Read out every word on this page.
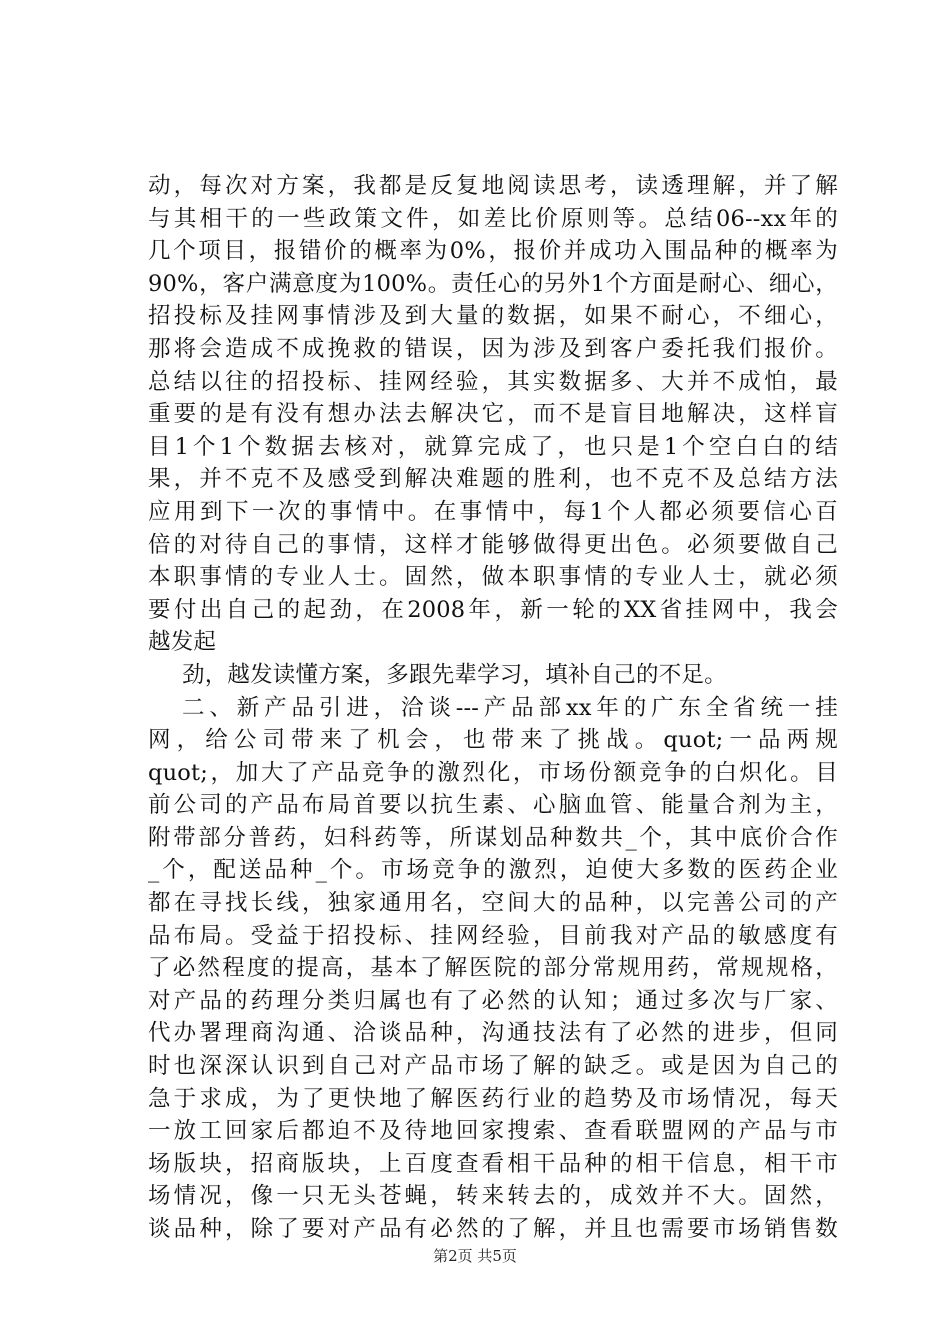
动，每次对方案，我都是反复地阅读思考，读透理解，并了解
与其相干的一些政策文件，如差比价原则等。总结06--xx年的
几个项目，报错价的概率为0%，报价并成功入围品种的概率为
90%，客户满意度为100%。责任心的另外1个方面是耐心、细心，
招投标及挂网事情涉及到大量的数据，如果不耐心，不细心，
那将会造成不成挽救的错误，因为涉及到客户委托我们报价。
总结以往的招投标、挂网经验，其实数据多、大并不成怕，最
重要的是有没有想办法去解决它，而不是盲目地解决，这样盲
目1个1个数据去核对，就算完成了，也只是1个空白白的结
果，并不克不及感受到解决难题的胜利，也不克不及总结方法
应用到下一次的事情中。在事情中，每1个人都必须要信心百
倍的对待自己的事情，这样才能够做得更出色。必须要做自己
本职事情的专业人士。固然，做本职事情的专业人士，就必须
要付出自己的起劲，在2008年，新一轮的XX省挂网中，我会
越发起
劲，越发读懂方案，多跟先辈学习，填补自己的不足。
二、新产品引进，洽谈---产品部xx年的广东全省统一挂
网，给公司带来了机会，也带来了挑战。quot;一品两规
quot;，加大了产品竞争的激烈化，市场份额竞争的白炽化。目
前公司的产品布局首要以抗生素、心脑血管、能量合剂为主，
附带部分普药，妇科药等，所谋划品种数共_个，其中底价合作
_个，配送品种_个。市场竞争的激烈，迫使大多数的医药企业
都在寻找长线，独家通用名，空间大的品种，以完善公司的产
品布局。受益于招投标、挂网经验，目前我对产品的敏感度有
了必然程度的提高，基本了解医院的部分常规用药，常规规格，
对产品的药理分类归属也有了必然的认知；通过多次与厂家、
代办署理商沟通、洽谈品种，沟通技法有了必然的进步，但同
时也深深认识到自己对产品市场了解的缺乏。或是因为自己的
急于求成，为了更快地了解医药行业的趋势及市场情况，每天
一放工回家后都迫不及待地回家搜索、查看联盟网的产品与市
场版块，招商版块，上百度查看相干品种的相干信息，相干市
场情况，像一只无头苍蝇，转来转去的，成效并不大。固然，
谈品种，除了要对产品有必然的了解，并且也需要市场销售数
第2页 共5页
